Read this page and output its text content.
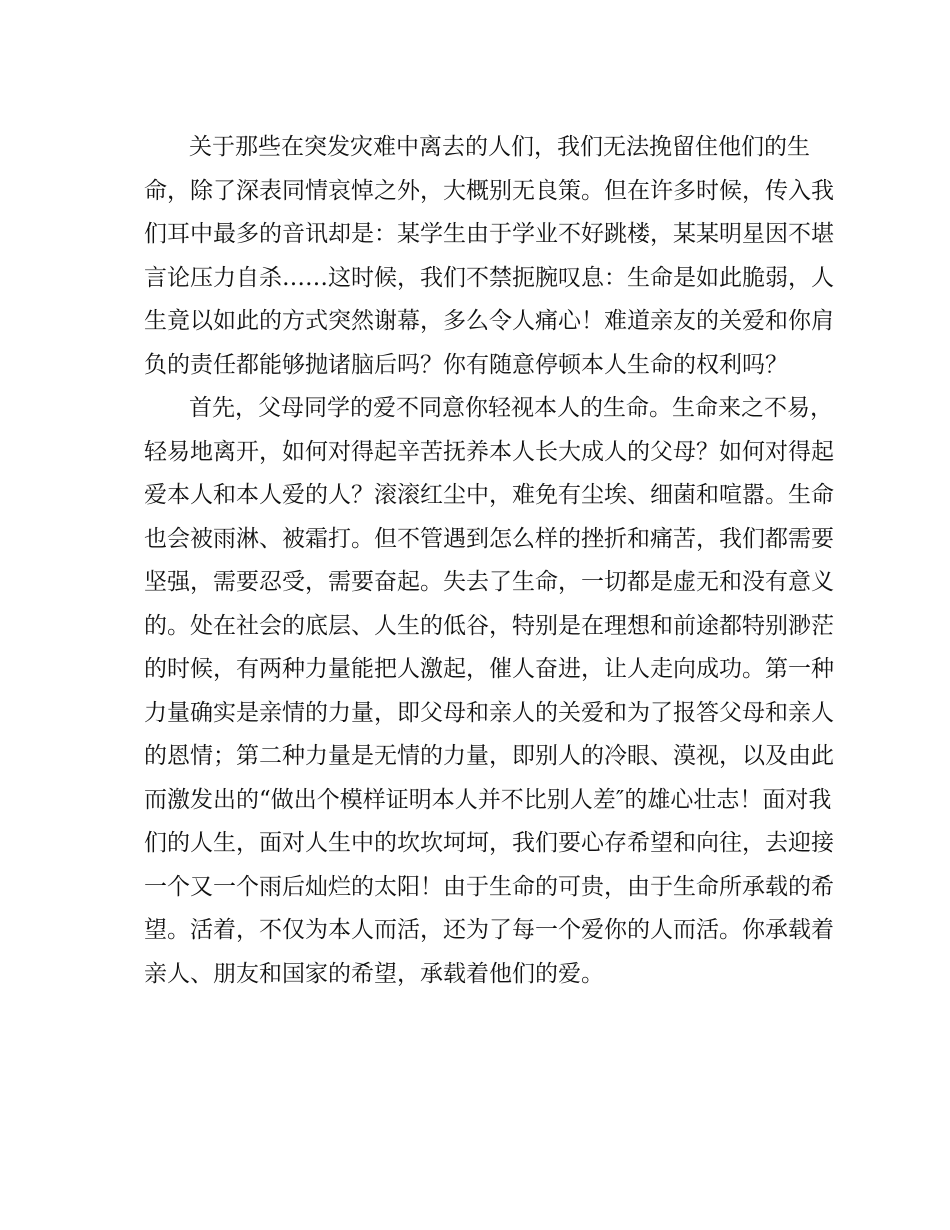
关于那些在突发灾难中离去的人们，我们无法挽留住他们的生

命，除了深表同情哀悼之外，大概别无良策。但在许多时候，传入我

们耳中最多的音讯却是：某学生由于学业不好跳楼，某某明星因不堪

言论压力自杀……这时候，我们不禁扼腕叹息：生命是如此脆弱，人

生竟以如此的方式突然谢幕，多么令人痛心！难道亲友的关爱和你肩

负的责任都能够抛诸脑后吗？你有随意停顿本人生命的权利吗？

首先，父母同学的爱不同意你轻视本人的生命。生命来之不易，

轻易地离开，如何对得起辛苦抚养本人长大成人的父母？如何对得起

爱本人和本人爱的人？滚滚红尘中，难免有尘埃、细菌和喧嚣。生命

也会被雨淋、被霜打。但不管遇到怎么样的挫折和痛苦，我们都需要

坚强，需要忍受，需要奋起。失去了生命，一切都是虚无和没有意义

的。处在社会的底层、人生的低谷，特别是在理想和前途都特别渺茫

的时候，有两种力量能把人激起，催人奋进，让人走向成功。第一种

力量确实是亲情的力量，即父母和亲人的关爱和为了报答父母和亲人

的恩情；第二种力量是无情的力量，即别人的冷眼、漠视，以及由此

而激发出的“做出个模样证明本人并不比别人差″的雄心壮志！面对我

们的人生，面对人生中的坎坎坷坷，我们要心存希望和向往，去迎接

一个又一个雨后灿烂的太阳！由于生命的可贵，由于生命所承载的希

望。活着，不仅为本人而活，还为了每一个爱你的人而活。你承载着

亲人、朋友和国家的希望，承载着他们的爱。
